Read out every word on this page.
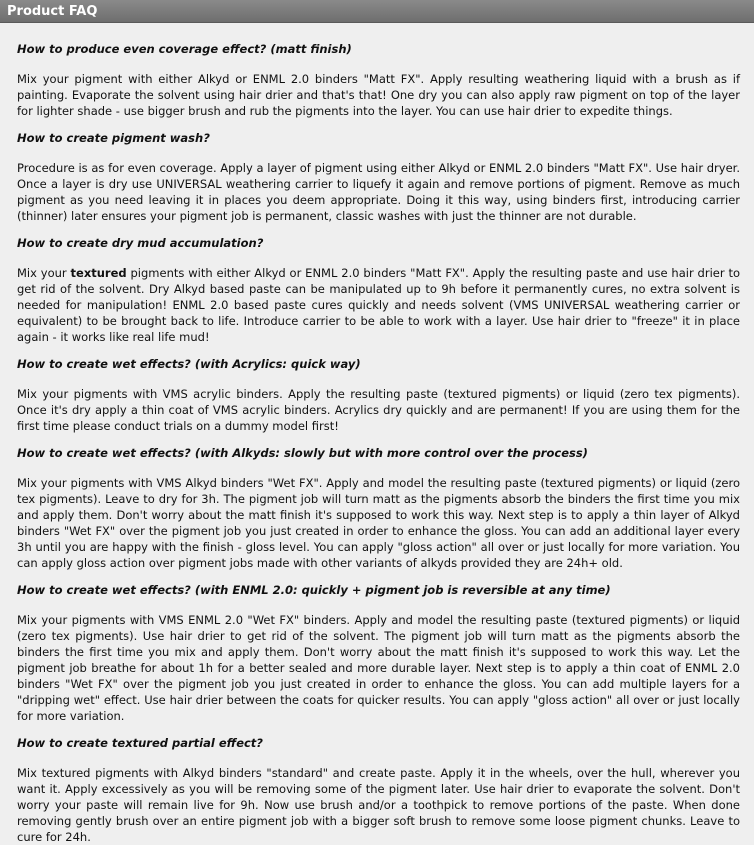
Product FAQ

How to produce even coverage effect? (matt finish)

Mix your pigment with either Alkyd or ENML 2.0 binders "Matt FX". Apply resulting weathering liquid with a brush as if painting. Evaporate the solvent using hair drier and that's that! One dry you can also apply raw pigment on top of the layer for lighter shade - use bigger brush and rub the pigments into the layer. You can use hair drier to expedite things.

How to create pigment wash?

Procedure is as for even coverage. Apply a layer of pigment using either Alkyd or ENML 2.0 binders "Matt FX". Use hair dryer. Once a layer is dry use UNIVERSAL weathering carrier to liquefy it again and remove portions of pigment. Remove as much pigment as you need leaving it in places you deem appropriate. Doing it this way, using binders first, introducing carrier (thinner) later ensures your pigment job is permanent, classic washes with just the thinner are not durable.

How to create dry mud accumulation?

Mix your textured pigments with either Alkyd or ENML 2.0 binders "Matt FX". Apply the resulting paste and use hair drier to get rid of the solvent. Dry Alkyd based paste can be manipulated up to 9h before it permanently cures, no extra solvent is needed for manipulation! ENML 2.0 based paste cures quickly and needs solvent (VMS UNIVERSAL weathering carrier or equivalent) to be brought back to life. Introduce carrier to be able to work with a layer. Use hair drier to "freeze" it in place again - it works like real life mud!

How to create wet effects? (with Acrylics: quick way)

Mix your pigments with VMS acrylic binders. Apply the resulting paste (textured pigments) or liquid (zero tex pigments). Once it's dry apply a thin coat of VMS acrylic binders. Acrylics dry quickly and are permanent! If you are using them for the first time please conduct trials on a dummy model first!

How to create wet effects? (with Alkyds: slowly but with more control over the process)

Mix your pigments with VMS Alkyd binders "Wet FX". Apply and model the resulting paste (textured pigments) or liquid (zero tex pigments). Leave to dry for 3h. The pigment job will turn matt as the pigments absorb the binders the first time you mix and apply them. Don't worry about the matt finish it's supposed to work this way. Next step is to apply a thin layer of Alkyd binders "Wet FX" over the pigment job you just created in order to enhance the gloss. You can add an additional layer every 3h until you are happy with the finish - gloss level. You can apply "gloss action" all over or just locally for more variation. You can apply gloss action over pigment jobs made with other variants of alkyds provided they are 24h+ old.

How to create wet effects? (with ENML 2.0: quickly + pigment job is reversible at any time)

Mix your pigments with VMS ENML 2.0 "Wet FX" binders. Apply and model the resulting paste (textured pigments) or liquid (zero tex pigments). Use hair drier to get rid of the solvent. The pigment job will turn matt as the pigments absorb the binders the first time you mix and apply them. Don't worry about the matt finish it's supposed to work this way. Let the pigment job breathe for about 1h for a better sealed and more durable layer. Next step is to apply a thin coat of ENML 2.0 binders "Wet FX" over the pigment job you just created in order to enhance the gloss. You can add multiple layers for a "dripping wet" effect. Use hair drier between the coats for quicker results. You can apply "gloss action" all over or just locally for more variation.

How to create textured partial effect?

Mix textured pigments with Alkyd binders "standard" and create paste. Apply it in the wheels, over the hull, wherever you want it. Apply excessively as you will be removing some of the pigment later. Use hair drier to evaporate the solvent. Don't worry your paste will remain live for 9h. Now use brush and/or a toothpick to remove portions of the paste. When done removing gently brush over an entire pigment job with a bigger soft brush to remove some loose pigment chunks. Leave to cure for 24h.
